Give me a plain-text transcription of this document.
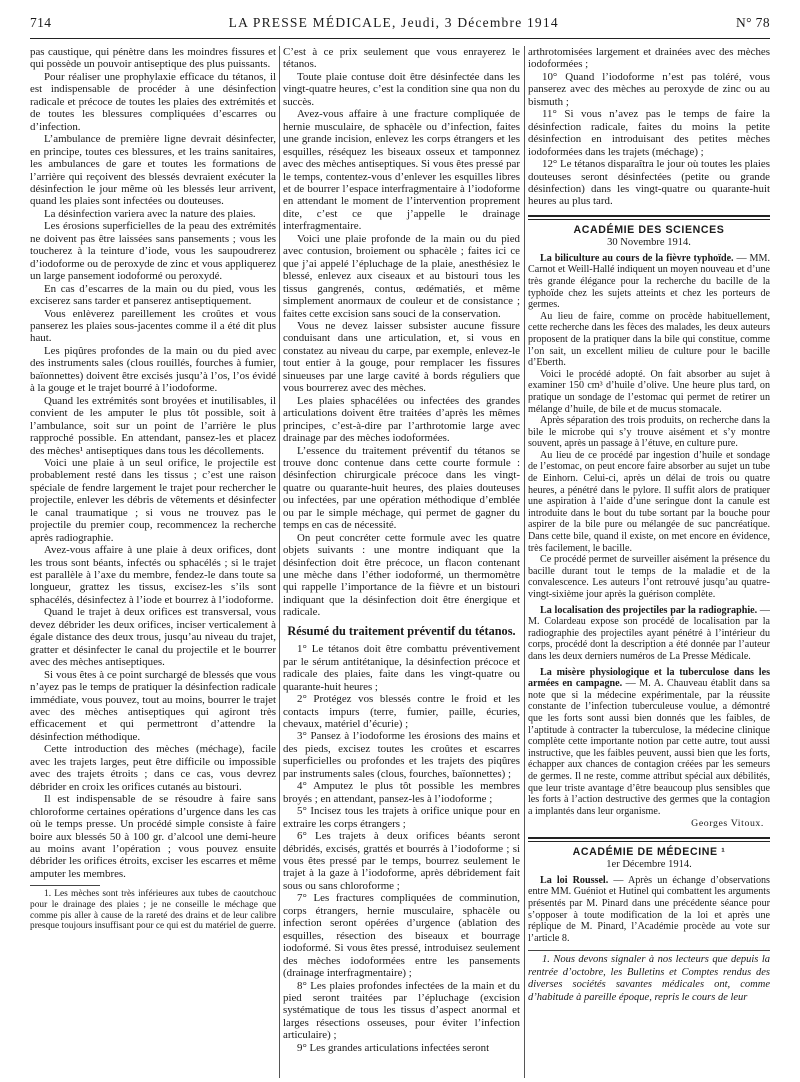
714	LA PRESSE MÉDICALE, Jeudi, 3 Décembre 1914	N° 78

pas caustique, qui pénètre dans les moindres fissures et qui possède un pouvoir antiseptique des plus puissants.

Pour réaliser une prophylaxie efficace du tétanos, il est indispensable de procéder à une désinfection radicale et précoce de toutes les plaies des extrémités et de toutes les blessures compliquées d’escarres ou d’infection.

L’ambulance de première ligne devrait désinfecter, en principe, toutes ces blessures, et les trains sanitaires, les ambulances de gare et toutes les formations de l’arrière qui reçoivent des blessés devraient exécuter la désinfection le jour même où les blessés leur arrivent, quand les plaies sont infectées ou douteuses.

La désinfection variera avec la nature des plaies.

Les érosions superficielles de la peau des extrémités ne doivent pas être laissées sans pansements ; vous les toucherez à la teinture d’iode, vous les saupoudrerez d’iodoforme ou de peroxyde de zinc et vous appliquerez un large pansement iodoformé ou peroxydé.

En cas d’escarres de la main ou du pied, vous les exciserez sans tarder et panserez antiseptiquement.

Vous enlèverez pareillement les croûtes et vous panserez les plaies sous-jacentes comme il a été dit plus haut.

Les piqûres profondes de la main ou du pied avec des instruments sales (clous rouillés, fourches à fumier, baïonnettes) doivent être excisés jusqu’à l’os, l’os évidé à la gouge et le trajet bourré à l’iodoforme.

Quand les extrémités sont broyées et inutilisables, il convient de les amputer le plus tôt possible, soit à l’ambulance, soit sur un point de l’arrière le plus rapproché possible. En attendant, pansez-les et placez des mèches¹ antiseptiques dans tous les décollements.

Voici une plaie à un seul orifice, le projectile est probablement resté dans les tissus ; c’est une raison spéciale de fendre largement le trajet pour rechercher le projectile, enlever les débris de vêtements et désinfecter le canal traumatique ; si vous ne trouvez pas le projectile du premier coup, recommencez la recherche après radiographie.

Avez-vous affaire à une plaie à deux orifices, dont les trous sont béants, infectés ou sphacélés ; si le trajet est parallèle à l’axe du membre, fendez-le dans toute sa longueur, grattez les tissus, excisez-les s’ils sont sphacélés, désinfectez à l’iode et bourrez à l’iodoforme.

Quand le trajet à deux orifices est transversal, vous devez débrider les deux orifices, inciser verticalement à égale distance des deux trous, jusqu’au niveau du trajet, gratter et désinfecter le canal du projectile et le bourrer avec des mèches antiseptiques.

Si vous êtes à ce point surchargé de blessés que vous n’ayez pas le temps de pratiquer la désinfection radicale immédiate, vous pouvez, tout au moins, bourrer le trajet avec des mèches antiseptiques qui agiront très efficacement et qui permettront d’attendre la désinfection méthodique.

Cette introduction des mèches (méchage), facile avec les trajets larges, peut être difficile ou impossible avec des trajets étroits ; dans ce cas, vous devrez débrider en croix les orifices cutanés au bistouri.

Il est indispensable de se résoudre à faire sans chloroforme certaines opérations d’urgence dans les cas où le temps presse. Un procédé simple consiste à faire boire aux blessés 50 à 100 gr. d’alcool une demi-heure au moins avant l’opération ; vous pouvez ensuite débrider les orifices étroits, exciser les escarres et même amputer les membres.

1. Les mèches sont très inférieures aux tubes de caoutchouc pour le drainage des plaies ; je ne conseille le méchage que comme pis aller à cause de la rareté des drains et de leur calibre presque toujours insuffisant pour ce qui est du matériel de guerre.

C’est à ce prix seulement que vous enrayerez le tétanos.

Toute plaie contuse doit être désinfectée dans les vingt-quatre heures, c’est la condition sine qua non du succès.

Avez-vous affaire à une fracture compliquée de hernie musculaire, de sphacèle ou d’infection, faites une grande incision, enlevez les corps étrangers et les esquilles, réséquez les biseaux osseux et tamponnez avec des mèches antiseptiques. Si vous êtes pressé par le temps, contentez-vous d’enlever les esquilles libres et de bourrer l’espace interfragmentaire à l’iodoforme en attendant le moment de l’intervention proprement dite, c’est ce que j’appelle le drainage interfragmentaire.

Voici une plaie profonde de la main ou du pied avec contusion, broiement ou sphacèle ; faites ici ce que j’ai appelé l’épluchage de la plaie, anesthésiez le blessé, enlevez aux ciseaux et au bistouri tous les tissus gangrenés, contus, œdématiés, et même simplement anormaux de couleur et de consistance ; faites cette excision sans souci de la conservation.

Vous ne devez laisser subsister aucune fissure conduisant dans une articulation, et, si vous en constatez au niveau du carpe, par exemple, enlevez-le tout entier à la gouge, pour remplacer les fissures sinueuses par une large cavité à bords réguliers que vous bourrerez avec des mèches.

Les plaies sphacélées ou infectées des grandes articulations doivent être traitées d’après les mêmes principes, c’est-à-dire par l’arthrotomie large avec drainage par des mèches iodoformées.

L’essence du traitement préventif du tétanos se trouve donc contenue dans cette courte formule : désinfection chirurgicale précoce dans les vingt-quatre ou quarante-huit heures, des plaies douteuses ou infectées, par une opération méthodique d’emblée ou par le simple méchage, qui permet de gagner du temps en cas de nécessité.

On peut concréter cette formule avec les quatre objets suivants : une montre indiquant que la désinfection doit être précoce, un flacon contenant une mèche dans l’éther iodoformé, un thermomètre qui rappelle l’importance de la fièvre et un bistouri indiquant que la désinfection doit être énergique et radicale.

Résumé du traitement préventif du tétanos.

1° Le tétanos doit être combattu préventivement par le sérum antitétanique, la désinfection précoce et radicale des plaies, faite dans les vingt-quatre ou quarante-huit heures ;

2° Protégez vos blessés contre le froid et les contacts impurs (terre, fumier, paille, écuries, chevaux, matériel d’écurie) ;

3° Pansez à l’iodoforme les érosions des mains et des pieds, excisez toutes les croûtes et escarres superficielles ou profondes et les trajets des piqûres par instruments sales (clous, fourches, baïonnettes) ;

4° Amputez le plus tôt possible les membres broyés ; en attendant, pansez-les à l’iodoforme ;

5° Incisez tous les trajets à orifice unique pour en extraire les corps étrangers ;

6° Les trajets à deux orifices béants seront débridés, excisés, grattés et bourrés à l’iodoforme ; si vous êtes pressé par le temps, bourrez seulement le trajet à la gaze à l’iodoforme, après débridement fait sous ou sans chloroforme ;

7° Les fractures compliquées de comminution, corps étrangers, hernie musculaire, sphacèle ou infection seront opérées d’urgence (ablation des esquilles, résection des biseaux et bourrage iodoformé. Si vous êtes pressé, introduisez seulement des mèches iodoformées entre les pansements (drainage interfragmentaire) ;

8° Les plaies profondes infectées de la main et du pied seront traitées par l’épluchage (excision systématique de tous les tissus d’aspect anormal et larges résections osseuses, pour éviter l’infection articulaire) ;

9° Les grandes articulations infectées seront

arthrotomisées largement et drainées avec des mèches iodoformées ;

10° Quand l’iodoforme n’est pas toléré, vous panserez avec des mèches au peroxyde de zinc ou au bismuth ;

11° Si vous n’avez pas le temps de faire la désinfection radicale, faites du moins la petite désinfection en introduisant des petites mèches iodoformées dans les trajets (méchage) ;

12° Le tétanos disparaîtra le jour où toutes les plaies douteuses seront désinfectées (petite ou grande désinfection) dans les vingt-quatre ou quarante-huit heures au plus tard.

ACADÉMIE DES SCIENCES
30 Novembre 1914.

La biliculture au cours de la fièvre typhoïde. — MM. Carnot et Weill-Hallé indiquent un moyen nouveau et d’une très grande élégance pour la recherche du bacille de la typhoïde chez les sujets atteints et chez les porteurs de germes.

Au lieu de faire, comme on procède habituellement, cette recherche dans les fèces des malades, les deux auteurs proposent de la pratiquer dans la bile qui constitue, comme l’on sait, un excellent milieu de culture pour le bacille d’Eberth.

Voici le procédé adopté. On fait absorber au sujet à examiner 150 cm³ d’huile d’olive. Une heure plus tard, on pratique un sondage de l’estomac qui permet de retirer un mélange d’huile, de bile et de mucus stomacale.

Après séparation des trois produits, on recherche dans la bile le microbe qui s’y trouve aisément et s’y montre souvent, après un passage à l’étuve, en culture pure.

Au lieu de ce procédé par ingestion d’huile et sondage de l’estomac, on peut encore faire absorber au sujet un tube de Einhorn. Celui-ci, après un délai de trois ou quatre heures, a pénétré dans le pylore. Il suffit alors de pratiquer une aspiration à l’aide d’une seringue dont la canule est introduite dans le bout du tube sortant par la bouche pour aspirer de la bile pure ou mélangée de suc pancréatique. Dans cette bile, quand il existe, on met encore en évidence, très facilement, le bacille.

Ce procédé permet de surveiller aisément la présence du bacille durant tout le temps de la maladie et de la convalescence. Les auteurs l’ont retrouvé jusqu’au quatre-vingt-sixième jour après la guérison complète.

La localisation des projectiles par la radiographie. — M. Colardeau expose son procédé de localisation par la radiographie des projectiles ayant pénétré à l’intérieur du corps, procédé dont la description a été donnée par l’auteur dans les deux derniers numéros de La Presse Médicale.

La misère physiologique et la tuberculose dans les armées en campagne. — M. A. Chauveau établit dans sa note que si la médecine expérimentale, par la réussite constante de l’infection tuberculeuse voulue, a démontré que les forts sont aussi bien donnés que les faibles, de l’aptitude à contracter la tuberculose, la médecine clinique complète cette importante notion par cette autre, tout aussi instructive, que les faibles peuvent, aussi bien que les forts, échapper aux chances de contagion créées par les semeurs de germes. Il ne reste, comme attribut spécial aux débilités, que leur triste avantage d’être beaucoup plus sensibles que les forts à l’action destructive des germes que la contagion a implantés dans leur organisme.

Georges Vitoux.
ACADÉMIE DE MÉDECINE ¹
1er Décembre 1914.

La loi Roussel. — Après un échange d’observations entre MM. Guéniot et Hutinel qui combattent les arguments présentés par M. Pinard dans une précédente séance pour s’opposer à toute modification de la loi et après une réplique de M. Pinard, l’Académie procède au vote sur l’article 8.

1. Nous devons signaler à nos lecteurs que depuis la rentrée d’octobre, les Bulletins et Comptes rendus des diverses sociétés savantes médicales ont, comme d’habitude à pareille époque, repris le cours de leur
